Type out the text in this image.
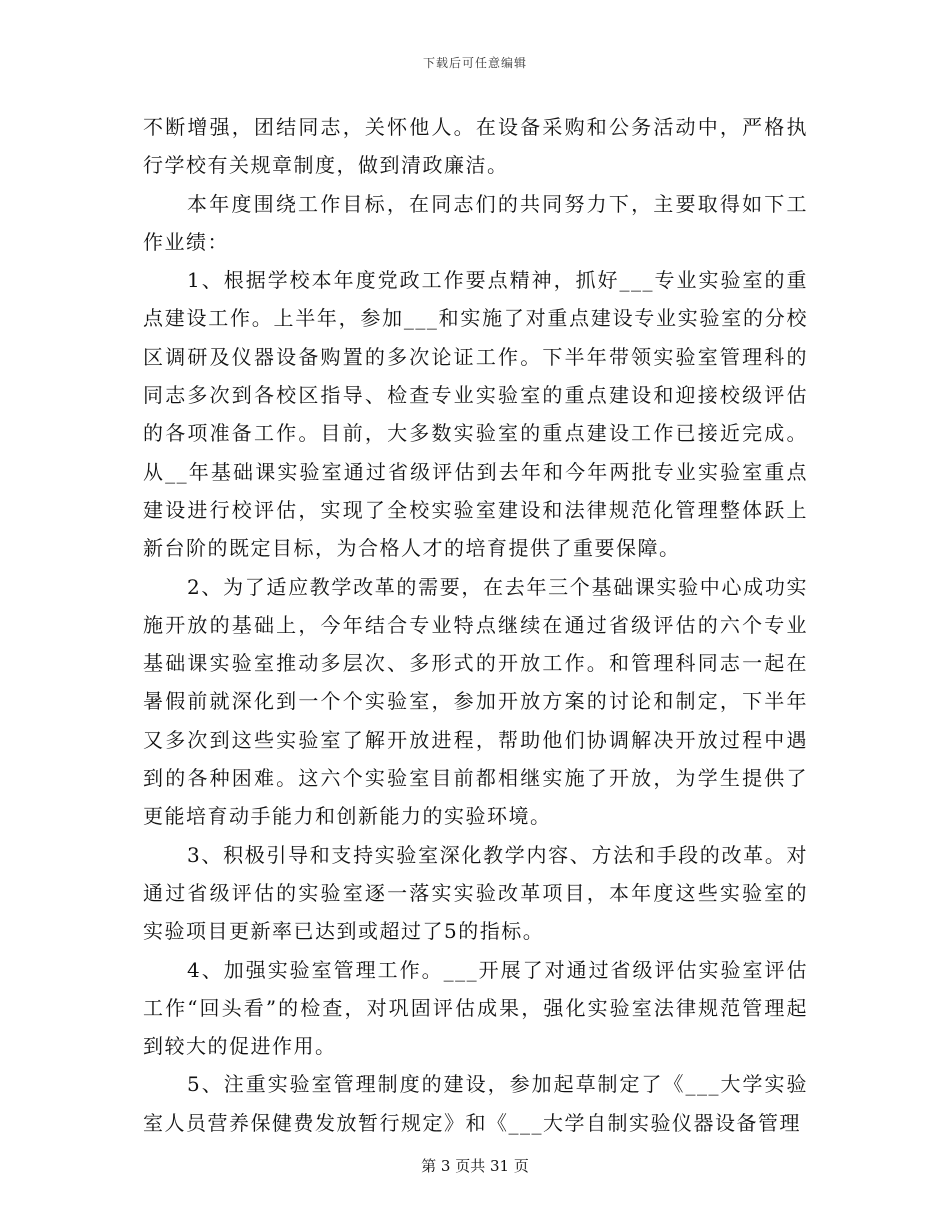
下载后可任意编辑

不断增强，团结同志，关怀他人。在设备采购和公务活动中，严格执行学校有关规章制度，做到清政廉洁。

本年度围绕工作目标，在同志们的共同努力下，主要取得如下工作业绩：

1、根据学校本年度党政工作要点精神，抓好___专业实验室的重点建设工作。上半年，参加___和实施了对重点建设专业实验室的分校区调研及仪器设备购置的多次论证工作。下半年带领实验室管理科的同志多次到各校区指导、检查专业实验室的重点建设和迎接校级评估的各项准备工作。目前，大多数实验室的重点建设工作已接近完成。从__年基础课实验室通过省级评估到去年和今年两批专业实验室重点建设进行校评估，实现了全校实验室建设和法律规范化管理整体跃上新台阶的既定目标，为合格人才的培育提供了重要保障。

2、为了适应教学改革的需要，在去年三个基础课实验中心成功实施开放的基础上，今年结合专业特点继续在通过省级评估的六个专业基础课实验室推动多层次、多形式的开放工作。和管理科同志一起在暑假前就深化到一个个实验室，参加开放方案的讨论和制定，下半年又多次到这些实验室了解开放进程，帮助他们协调解决开放过程中遇到的各种困难。这六个实验室目前都相继实施了开放，为学生提供了更能培育动手能力和创新能力的实验环境。

3、积极引导和支持实验室深化教学内容、方法和手段的改革。对通过省级评估的实验室逐一落实实验改革项目，本年度这些实验室的实验项目更新率已达到或超过了5的指标。

4、加强实验室管理工作。___开展了对通过省级评估实验室评估工作“回头看”的检查，对巩固评估成果，强化实验室法律规范管理起到较大的促进作用。

5、注重实验室管理制度的建设，参加起草制定了《___大学实验室人员营养保健费发放暂行规定》和《___大学自制实验仪器设备管理

第 3 页共 31 页
